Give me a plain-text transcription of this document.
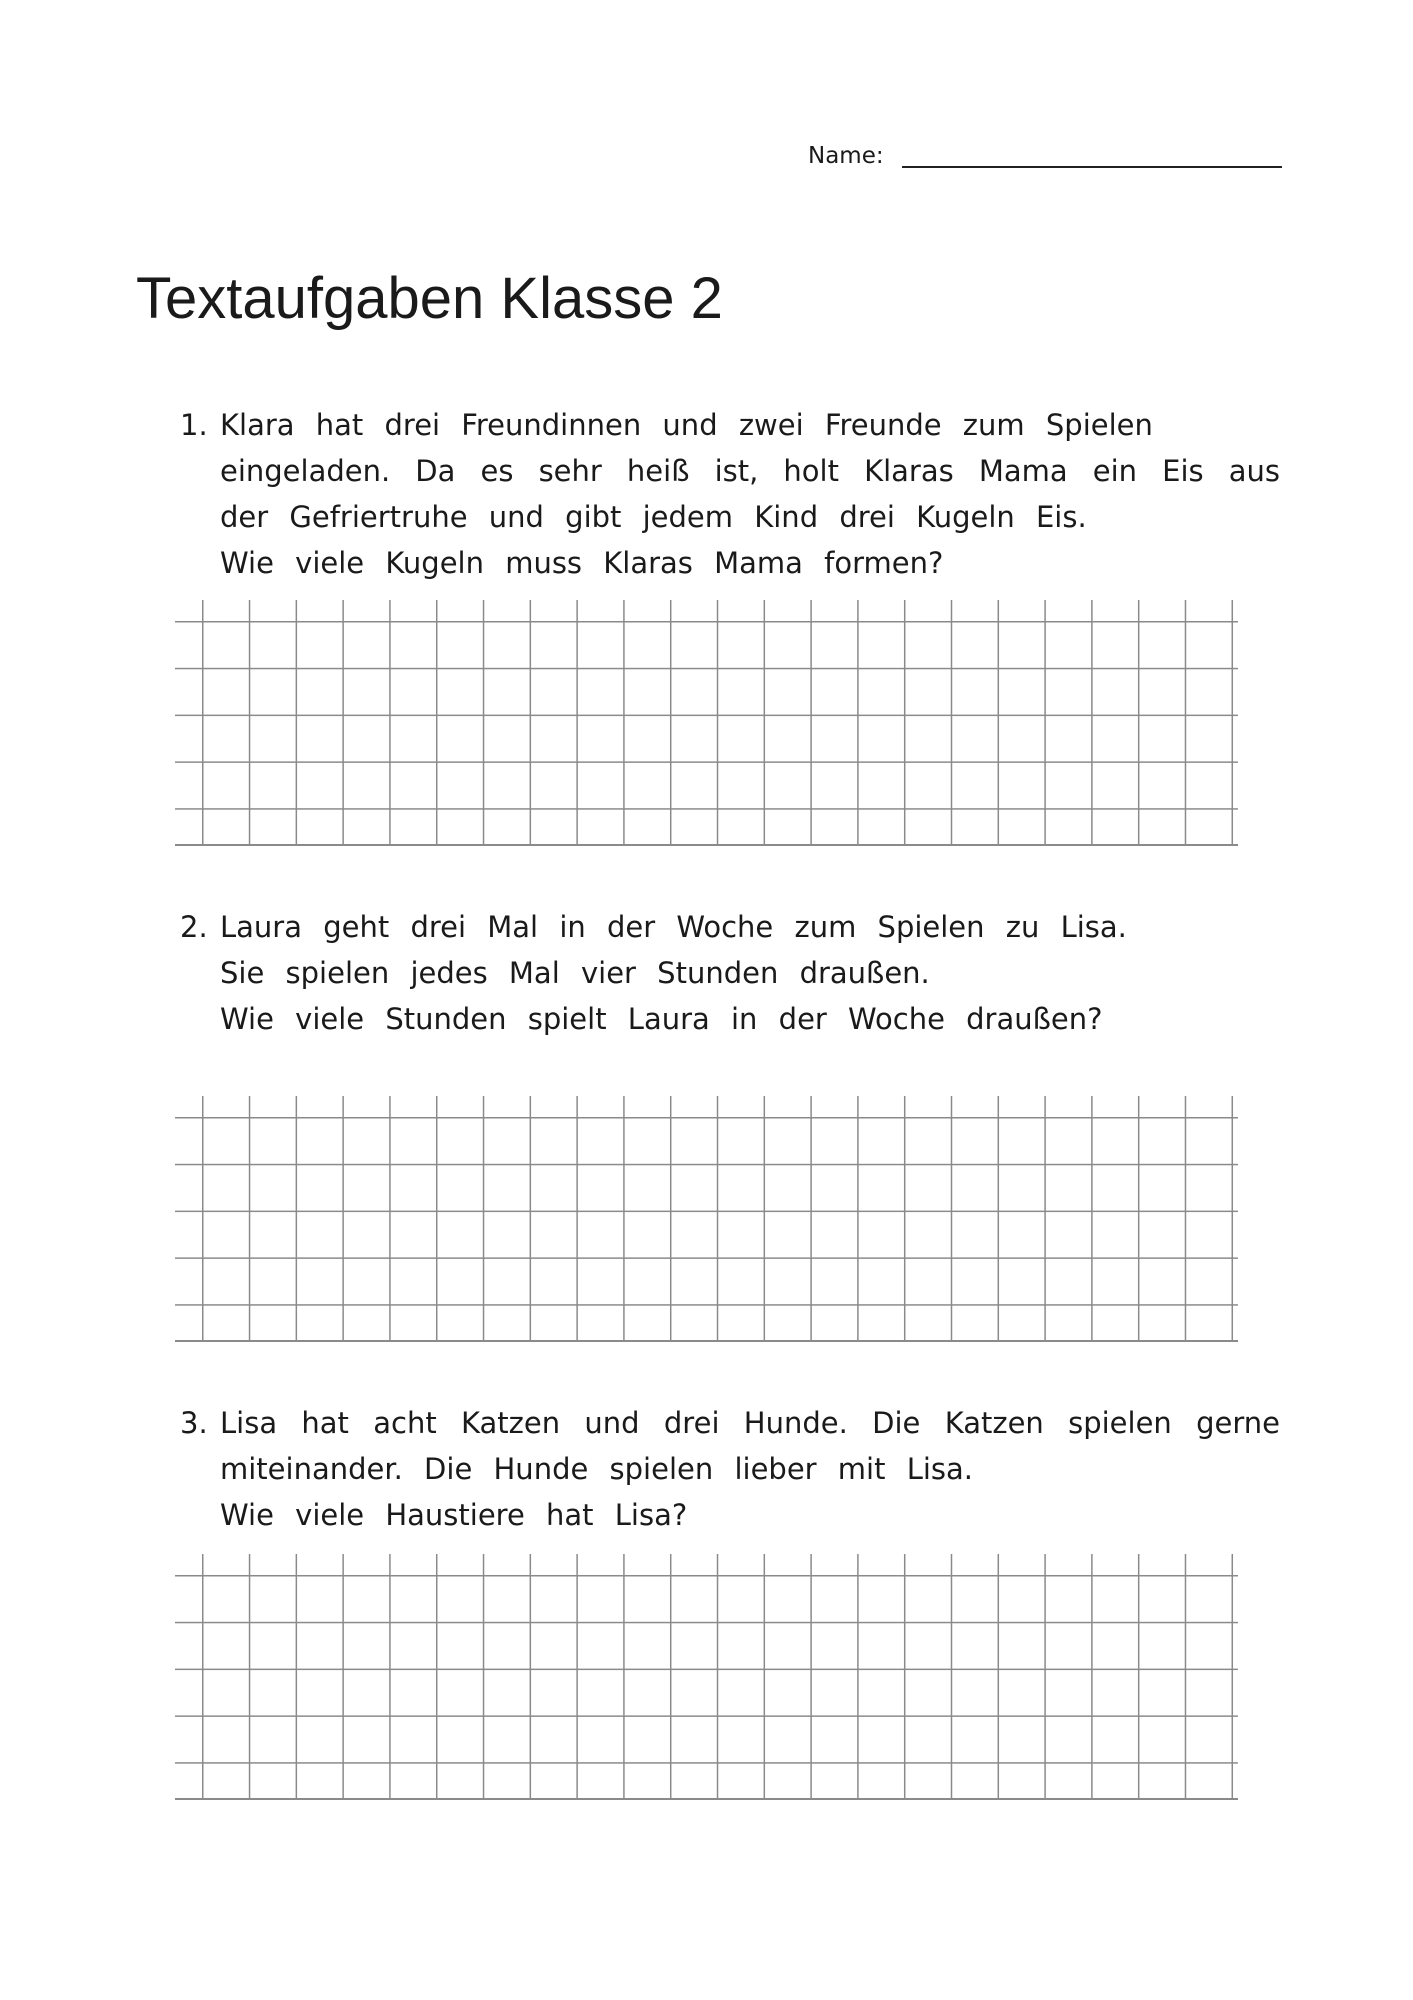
Name:
Textaufgaben Klasse 2
1. Klara hat drei Freundinnen und zwei Freunde zum Spielen
eingeladen. Da es sehr heiß ist, holt Klaras Mama ein Eis aus
der Gefriertruhe und gibt jedem Kind drei Kugeln Eis.
Wie viele Kugeln muss Klaras Mama formen?
2. Laura geht drei Mal in der Woche zum Spielen zu Lisa.
Sie spielen jedes Mal vier Stunden draußen.
Wie viele Stunden spielt Laura in der Woche draußen?
3. Lisa hat acht Katzen und drei Hunde. Die Katzen spielen gerne
miteinander. Die Hunde spielen lieber mit Lisa.
Wie viele Haustiere hat Lisa?
